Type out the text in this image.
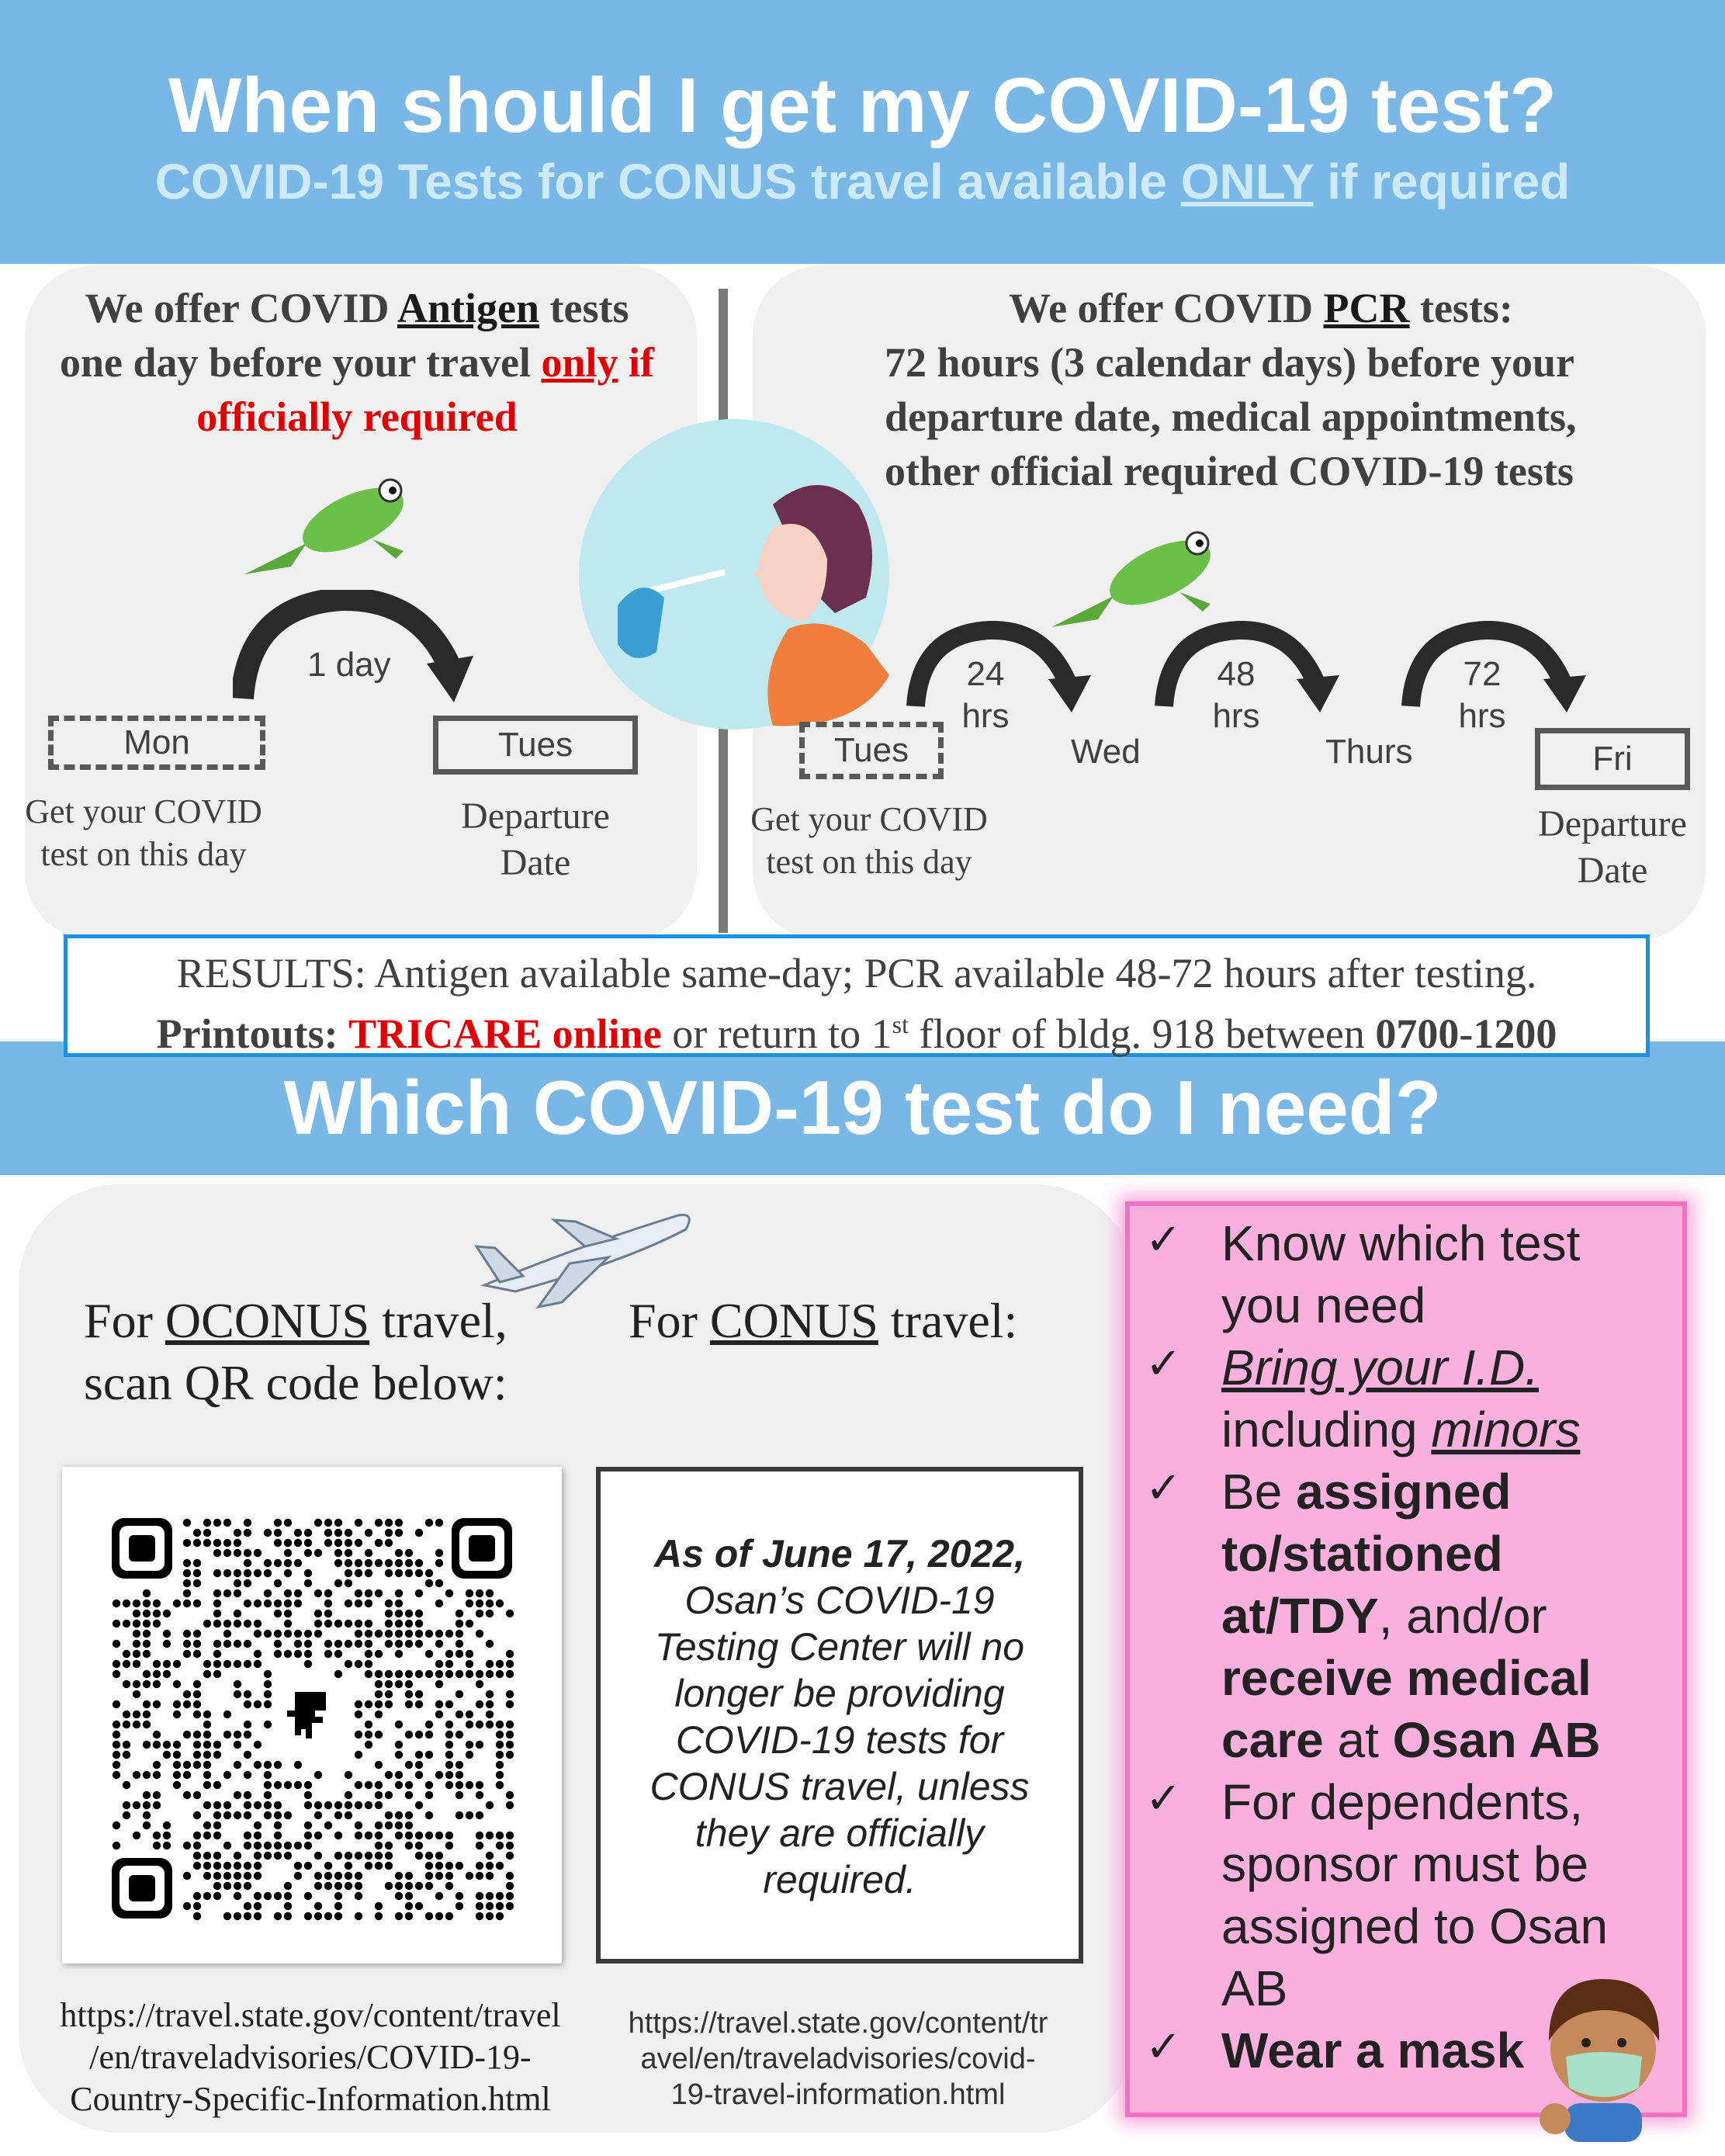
When should I get my COVID-19 test?
COVID-19 Tests for CONUS travel available ONLY if required
We offer COVID Antigen tests
one day before your travel only if
officially required
1 day
Mon	Tues
Get your COVID
test on this day
Departure
Date
We offer COVID PCR tests:
72 hours (3 calendar days) before your
departure date, medical appointments,
other official required COVID-19 tests
24
hrs
48
hrs
72
hrs
Tues	Wed	Thurs	Fri
Get your COVID
test on this day
Departure
Date
Which COVID-19 test do I need?
RESULTS: Antigen available same-day; PCR available 48-72 hours after testing.
Printouts: TRICARE online or return to 1st floor of bldg. 918 between 0700-1200
For OCONUS travel,
scan QR code below:
For CONUS travel:
As of June 17, 2022,
Osan’s COVID-19
Testing Center will no
longer be providing
COVID-19 tests for
CONUS travel, unless
they are officially
required.
https://travel.state.gov/content/travel
/en/traveladvisories/COVID-19-
Country-Specific-Information.html
https://travel.state.gov/content/tr
avel/en/traveladvisories/covid-
19-travel-information.html
✓ Know which test
you need
✓ Bring your I.D.
including minors
✓ Be assigned
to/stationed
at/TDY, and/or
receive medical
care at Osan AB
✓ For dependents,
sponsor must be
assigned to Osan
AB
✓ Wear a mask
